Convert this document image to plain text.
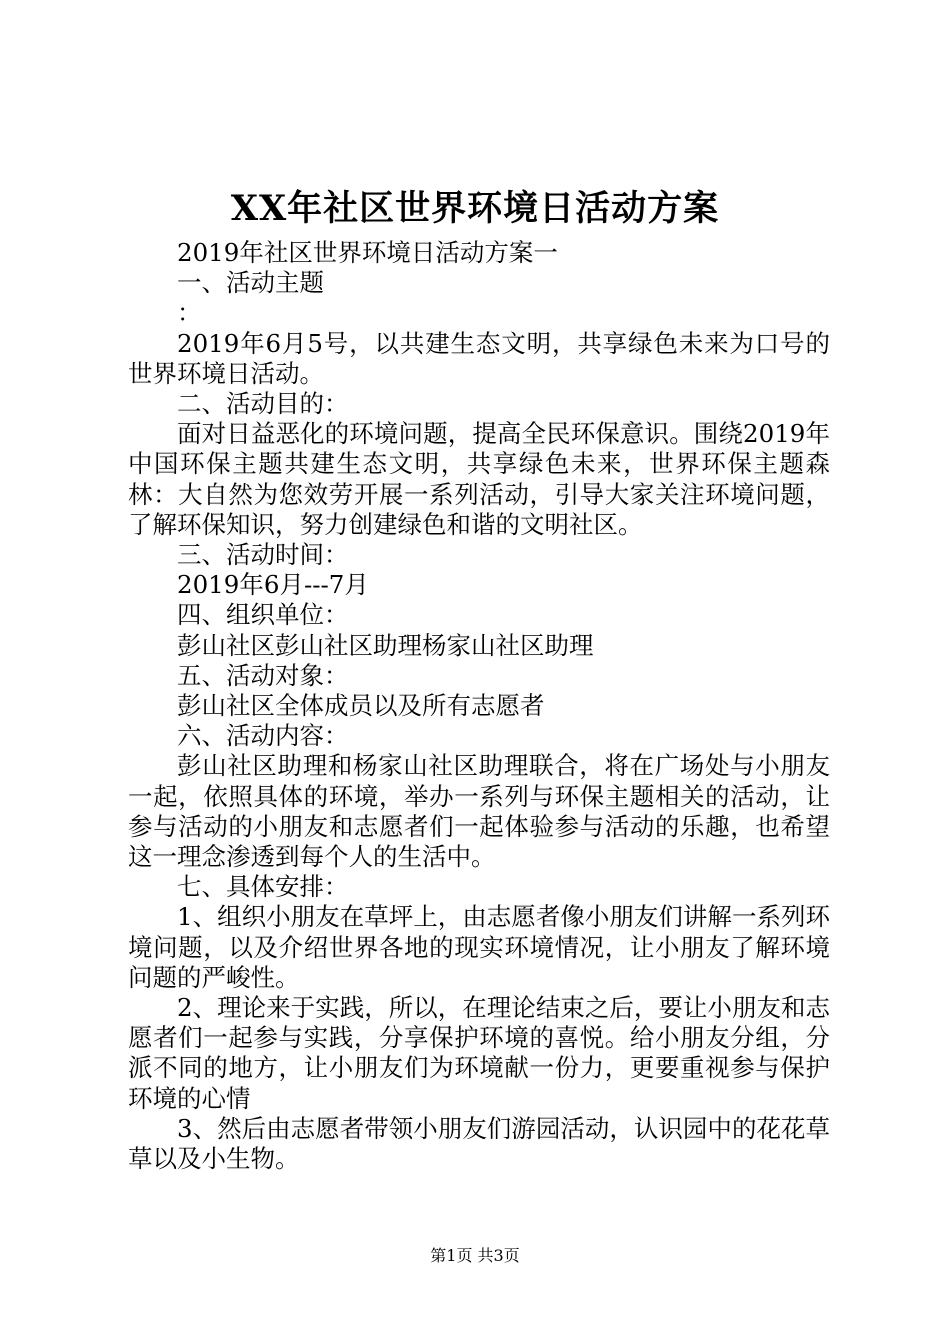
XX年社区世界环境日活动方案

2019年社区世界环境日活动方案一

一、活动主题

：

2019年6月5号，以共建生态文明，共享绿色未来为口号的世界环境日活动。

二、活动目的：

面对日益恶化的环境问题，提高全民环保意识。围绕2019年中国环保主题共建生态文明，共享绿色未来，世界环保主题森林：大自然为您效劳开展一系列活动，引导大家关注环境问题，了解环保知识，努力创建绿色和谐的文明社区。

三、活动时间：

2019年6月---7月

四、组织单位：

彭山社区彭山社区助理杨家山社区助理

五、活动对象：

彭山社区全体成员以及所有志愿者

六、活动内容：

彭山社区助理和杨家山社区助理联合，将在广场处与小朋友一起，依照具体的环境，举办一系列与环保主题相关的活动，让参与活动的小朋友和志愿者们一起体验参与活动的乐趣，也希望这一理念渗透到每个人的生活中。

七、具体安排：

1、组织小朋友在草坪上，由志愿者像小朋友们讲解一系列环境问题，以及介绍世界各地的现实环境情况，让小朋友了解环境问题的严峻性。

2、理论来于实践，所以，在理论结束之后，要让小朋友和志愿者们一起参与实践，分享保护环境的喜悦。给小朋友分组，分派不同的地方，让小朋友们为环境献一份力，更要重视参与保护环境的心情

3、然后由志愿者带领小朋友们游园活动，认识园中的花花草草以及小生物。

第1页 共3页
